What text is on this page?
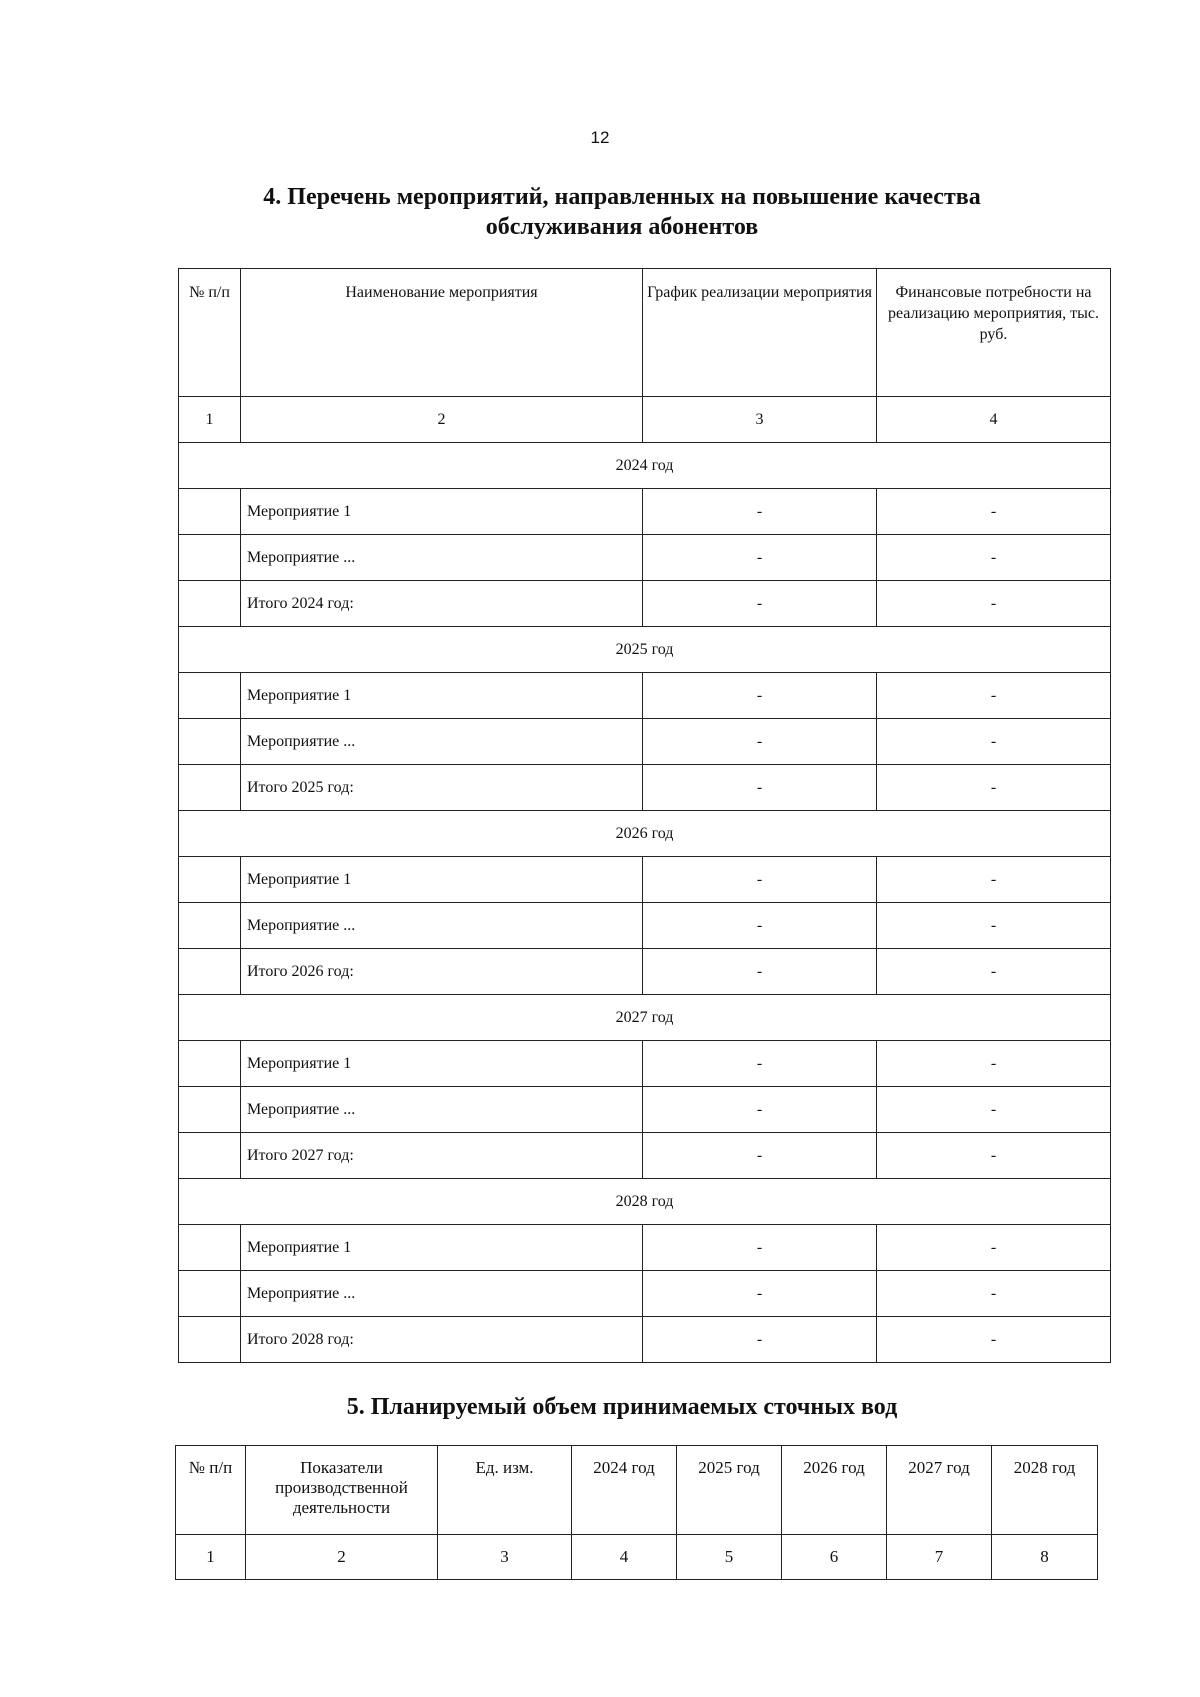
12
4. Перечень мероприятий, направленных на повышение качества
обслуживания абонентов
№ п/п	Наименование мероприятия	График реализации мероприятия	Финансовые потребности на реализацию мероприятия, тыс. руб.
1	2	3	4
2024 год			
	Мероприятие 1	-	-
	Мероприятие ...	-	-
	Итого 2024 год:	-	-
2025 год			
	Мероприятие 1	-	-
	Мероприятие ...	-	-
	Итого 2025 год:	-	-
2026 год			
	Мероприятие 1	-	-
	Мероприятие ...	-	-
	Итого 2026 год:	-	-
2027 год			
	Мероприятие 1	-	-
	Мероприятие ...	-	-
	Итого 2027 год:	-	-
2028 год			
	Мероприятие 1	-	-
	Мероприятие ...	-	-
	Итого 2028 год:	-	-
5. Планируемый объем принимаемых сточных вод
№ п/п	Показатели производственной деятельности	Ед. изм.	2024 год	2025 год	2026 год	2027 год	2028 год
1	2	3	4	5	6	7	8
